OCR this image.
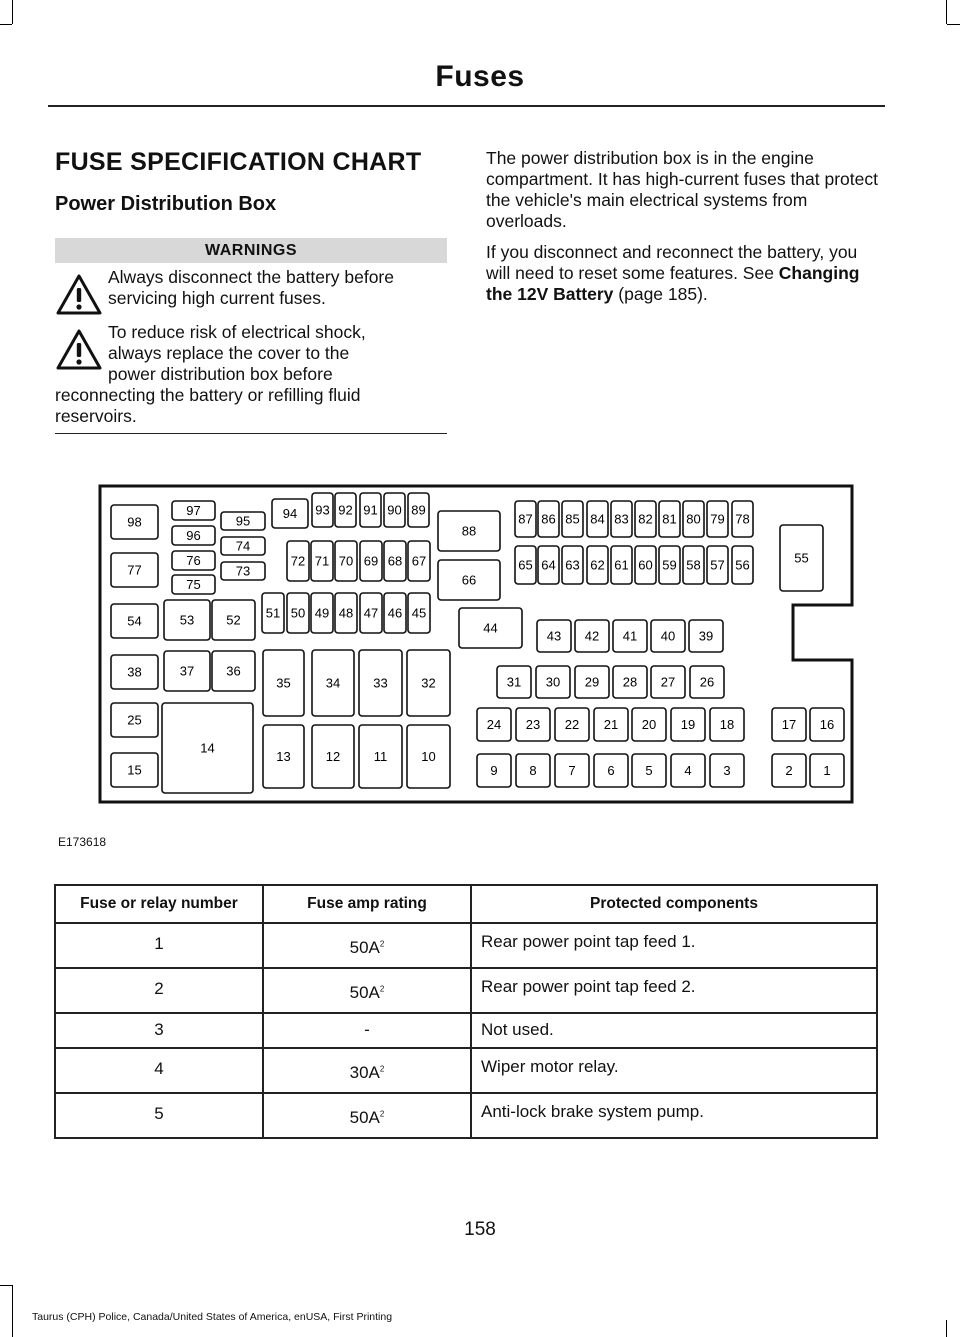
Fuses
FUSE SPECIFICATION CHART
Power Distribution Box
WARNINGS
Always disconnect the battery before
servicing high current fuses.
To reduce risk of electrical shock,
always replace the cover to the
power distribution box before
reconnecting the battery or refilling fluid
reservoirs.

The power distribution box is in the engine compartment. It has high-current fuses that protect the vehicle's main electrical systems from overloads.

If you disconnect and reconnect the battery, you will need to reset some features. See Changing the 12V Battery (page 185).

98
77
54
38
25
15
97
96
76
75
95
74
73
53 52
37 36
14
94 93 92 91 90 89
72 71 70 69 68 67
51 50 49 48 47 46 45
35	34	33	32
13	12	11	10
88
66
44
87 86 85 84 83 82 81 80 79 78
65 64 63 62 61 60 59 58 57 56	55
43 42 41 40 39
31 30 29 28 27 26
24 23 22 21 20 19 18	17 16
9 8 7 6 5 4 3	2 1
E173618
Fuse or relay number	Fuse amp rating	Protected components
1	$50A^2$	Rear power point tap feed 1.
2	$50A^2$	Rear power point tap feed 2.
3	-	Not used.
4	$30A^2$	Wiper motor relay.
5	$50A^2$	Anti-lock brake system pump.
158
Taurus (CPH) Police, Canada/United States of America, enUSA, First Printing
